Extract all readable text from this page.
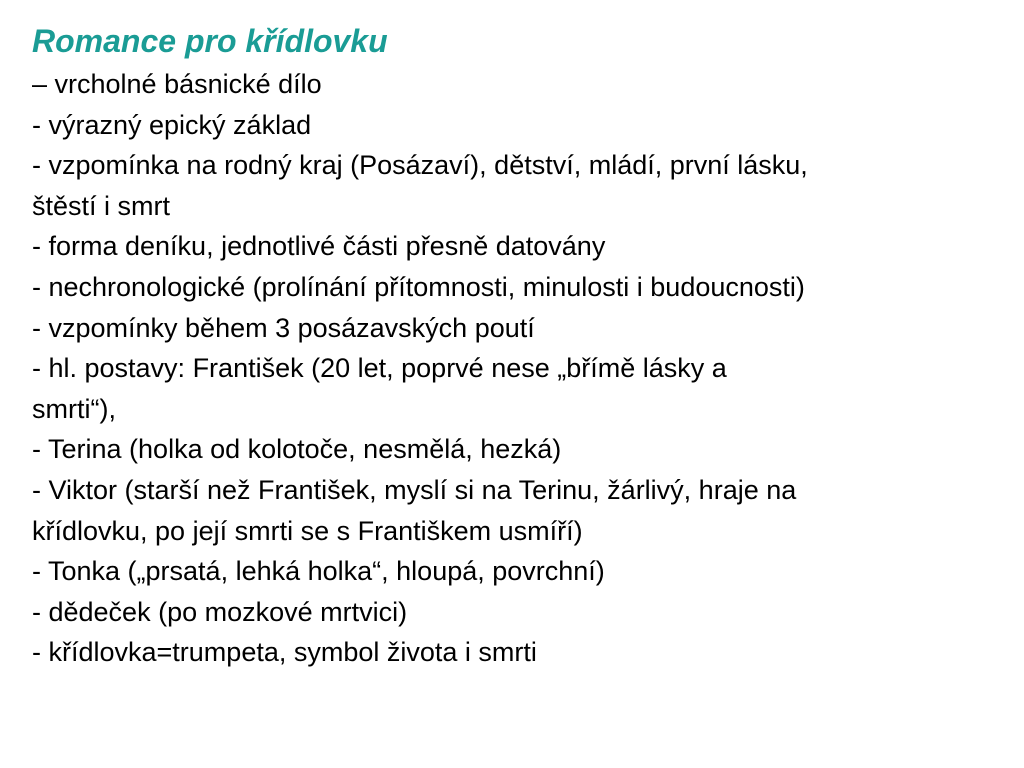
Romance pro křídlovku
– vrcholné básnické dílo
- výrazný epický základ
- vzpomínka na rodný kraj (Posázaví), dětství, mládí, první lásku,
štěstí i smrt
- forma deníku, jednotlivé části přesně datovány
- nechronologické (prolínání přítomnosti, minulosti i budoucnosti)
- vzpomínky během 3 posázavských poutí
- hl. postavy: František (20 let, poprvé nese „břímě lásky a
smrti“),
- Terina (holka od kolotoče, nesmělá, hezká)
- Viktor (starší než František, myslí si na Terinu, žárlivý, hraje na
křídlovku, po její smrti se s Františkem usmíří)
- Tonka („prsatá, lehká holka“, hloupá, povrchní)
- dědeček (po mozkové mrtvici)
- křídlovka=trumpeta, symbol života i smrti
